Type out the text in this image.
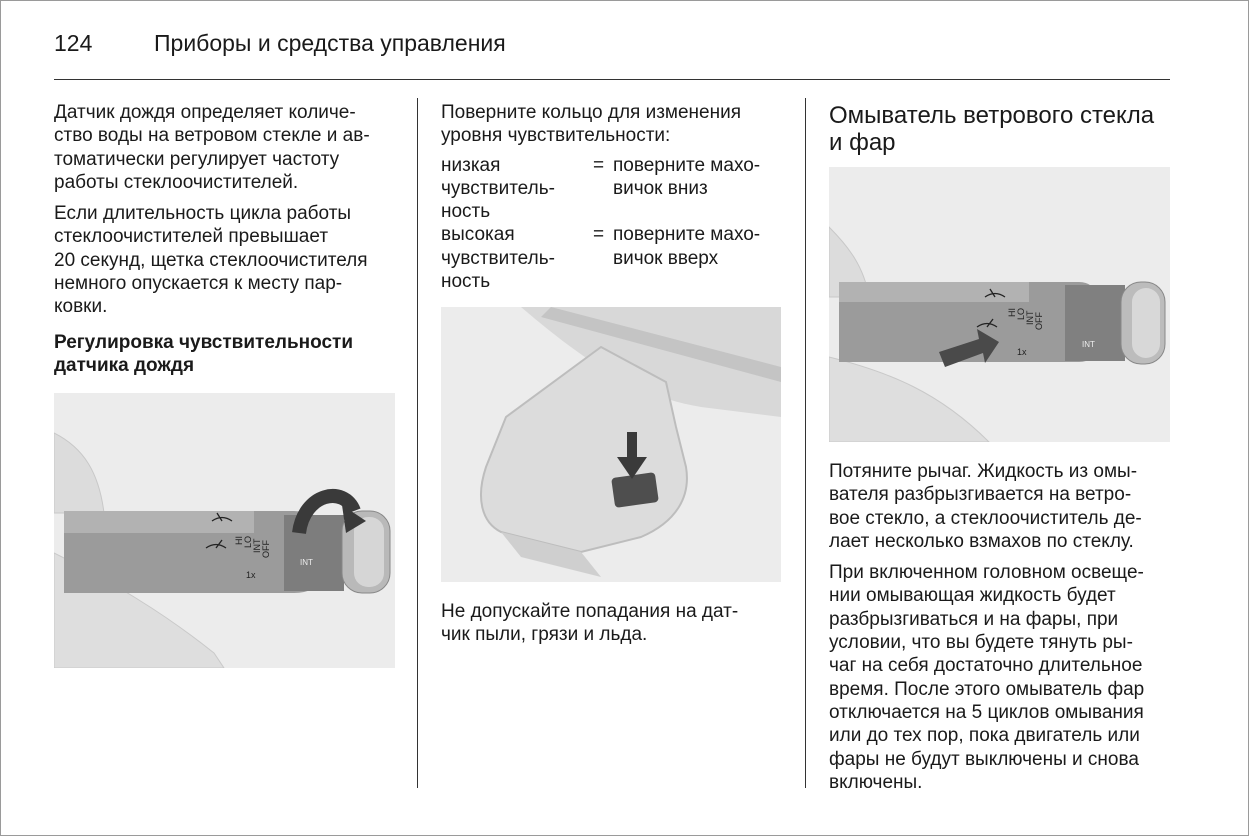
124	Приборы и средства управления

Датчик дождя определяет количе-
ство воды на ветровом стекле и ав-
томатически регулирует частоту
работы стеклоочистителей.

Если длительность цикла работы
стеклоочистителей превышает
20 секунд, щетка стеклоочистителя
немного опускается к месту пар-
ковки.

Регулировка чувствительности
датчика дождя
HI LO INT OFF
1x
INT

Поверните кольцо для изменения
уровня чувствительности:

низкая
чувствитель-
ность	=	поверните махо-
вичок вниз
высокая
чувствитель-
ность	=	поверните махо-
вичок вверх
Не допускайте попадания на дат-
чик пыли, грязи и льда.
Омыватель ветрового стекла
и фар
HI LO INT OFF
1x
INT

Потяните рычаг. Жидкость из омы-
вателя разбрызгивается на ветро-
вое стекло, а стеклоочиститель де-
лает несколько взмахов по стеклу.

При включенном головном освеще-
нии омывающая жидкость будет
разбрызгиваться и на фары, при
условии, что вы будете тянуть ры-
чаг на себя достаточно длительное
время. После этого омыватель фар
отключается на 5 циклов омывания
или до тех пор, пока двигатель или
фары не будут выключены и снова
включены.
